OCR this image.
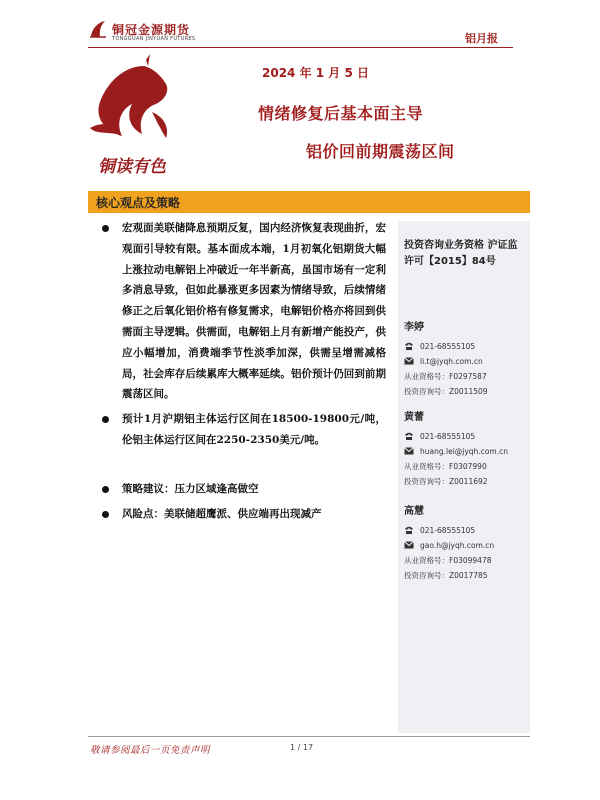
铜冠金源期货
TONGGUAN JINYUAN FUTURES	铝月报
铜读有色
2024 年 1 月 5 日
情绪修复后基本面主导
铝价回前期震荡区间
核心观点及策略
宏观面美联储降息预期反复，国内经济恢复表现曲折，宏观面引导较有限。基本面成本端，1月初氧化铝期货大幅上涨拉动电解铝上冲破近一年半新高，虽国市场有一定利多消息导致，但如此暴涨更多因素为情绪导致，后续情绪修正之后氧化铝价格有修复需求，电解铝价格亦将回到供需面主导逻辑。供需面，电解铝上月有新增产能投产，供应小幅增加，消费端季节性淡季加深，供需呈增需减格局，社会库存后续累库大概率延续。铝价预计仍回到前期震荡区间。
预计1月沪期铝主体运行区间在18500-19800元/吨，伦铝主体运行区间在2250-2350美元/吨。
策略建议：压力区域逢高做空
风险点：美联储超鹰派、供应端再出现减产
投资咨询业务资格 沪证监许可【2015】84号
李婷
021-68555105
li.t@jyqh.com.cn
从业资格号：F0297587
投资咨询号：Z0011509
黄蕾
021-68555105
huang.lei@jyqh.com.cn
从业资格号：F0307990
投资咨询号：Z0011692
高慧
021-68555105
gao.h@jyqh.com.cn
从业资格号：F03099478
投资咨询号：Z0017785
敬请参阅最后一页免责声明	1 / 17
